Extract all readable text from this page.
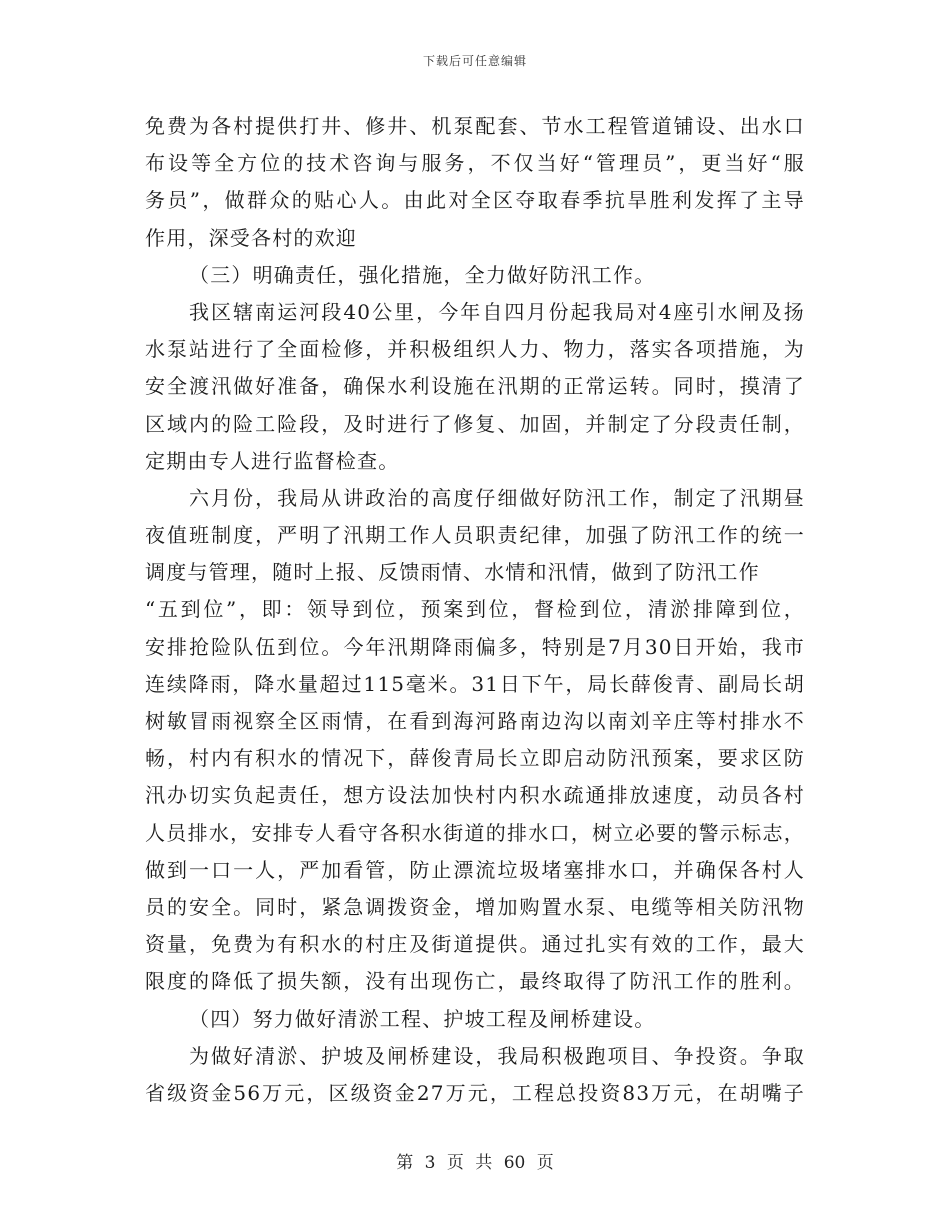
下载后可任意编辑
免费为各村提供打井、修井、机泵配套、节水工程管道铺设、出水口
布设等全方位的技术咨询与服务，不仅当好“管理员”，更当好“服
务员”，做群众的贴心人。由此对全区夺取春季抗旱胜利发挥了主导
作用，深受各村的欢迎
（三）明确责任，强化措施，全力做好防汛工作。
我区辖南运河段40公里，今年自四月份起我局对4座引水闸及扬
水泵站进行了全面检修，并积极组织人力、物力，落实各项措施，为
安全渡汛做好准备，确保水利设施在汛期的正常运转。同时，摸清了
区域内的险工险段，及时进行了修复、加固，并制定了分段责任制，
定期由专人进行监督检查。
六月份，我局从讲政治的高度仔细做好防汛工作，制定了汛期昼
夜值班制度，严明了汛期工作人员职责纪律，加强了防汛工作的统一
调度与管理，随时上报、反馈雨情、水情和汛情，做到了防汛工作
“五到位”，即：领导到位，预案到位，督检到位，清淤排障到位，
安排抢险队伍到位。今年汛期降雨偏多，特别是7月30日开始，我市
连续降雨，降水量超过115毫米。31日下午，局长薛俊青、副局长胡
树敏冒雨视察全区雨情，在看到海河路南边沟以南刘辛庄等村排水不
畅，村内有积水的情况下，薛俊青局长立即启动防汛预案，要求区防
汛办切实负起责任，想方设法加快村内积水疏通排放速度，动员各村
人员排水，安排专人看守各积水街道的排水口，树立必要的警示标志，
做到一口一人，严加看管，防止漂流垃圾堵塞排水口，并确保各村人
员的安全。同时，紧急调拨资金，增加购置水泵、电缆等相关防汛物
资量，免费为有积水的村庄及街道提供。通过扎实有效的工作，最大
限度的降低了损失额，没有出现伤亡，最终取得了防汛工作的胜利。
（四）努力做好清淤工程、护坡工程及闸桥建设。
为做好清淤、护坡及闸桥建设，我局积极跑项目、争投资。争取
省级资金56万元，区级资金27万元，工程总投资83万元，在胡嘴子
第 3 页 共 60 页
